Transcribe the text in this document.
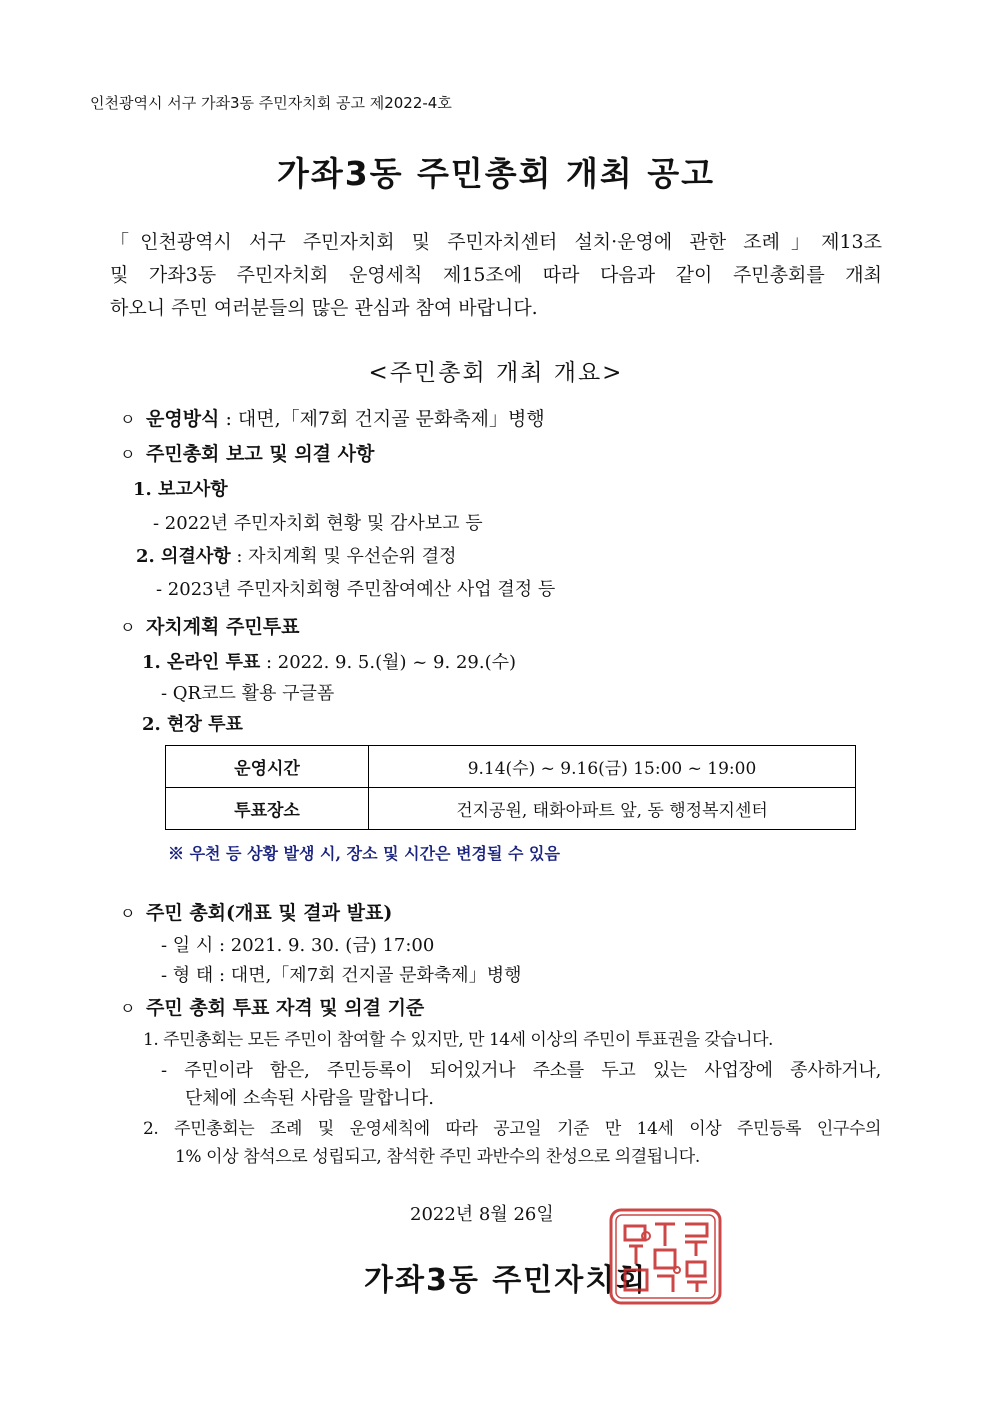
인천광역시 서구 가좌3동 주민자치회 공고 제2022-4호
가좌3동 주민총회 개최 공고
「인천광역시 서구 주민자치회 및 주민자치센터 설치·운영에 관한 조례」제13조
및 가좌3동 주민자치회 운영세칙 제15조에 따라 다음과 같이 주민총회를 개최
하오니 주민 여러분들의 많은 관심과 참여 바랍니다.
<주민총회 개최 개요>
ㅇ 운영방식 : 대면,「제7회 건지골 문화축제」병행
ㅇ 주민총회 보고 및 의결 사항
1. 보고사항
- 2022년 주민자치회 현황 및 감사보고 등
2. 의결사항 : 자치계획 및 우선순위 결정
- 2023년 주민자치회형 주민참여예산 사업 결정 등
ㅇ 자치계획 주민투표
1. 온라인 투표 : 2022. 9. 5.(월) ~ 9. 29.(수)
- QR코드 활용 구글폼
2. 현장 투표
운영시간	9.14(수) ~ 9.16(금) 15:00 ~ 19:00
투표장소	건지공원, 태화아파트 앞, 동 행정복지센터
※ 우천 등 상황 발생 시, 장소 및 시간은 변경될 수 있음
ㅇ 주민 총회(개표 및 결과 발표)
- 일 시 : 2021. 9. 30. (금) 17:00
- 형 태 : 대면,「제7회 건지골 문화축제」병행
ㅇ 주민 총회 투표 자격 및 의결 기준
1. 주민총회는 모든 주민이 참여할 수 있지만, 만 14세 이상의 주민이 투표권을 갖습니다.
- 주민이라 함은, 주민등록이 되어있거나 주소를 두고 있는 사업장에 종사하거나,
단체에 소속된 사람을 말합니다.
2. 주민총회는 조례 및 운영세칙에 따라 공고일 기준 만 14세 이상 주민등록 인구수의
1% 이상 참석으로 성립되고, 참석한 주민 과반수의 찬성으로 의결됩니다.
2022년 8월 26일
가좌3동 주민자치회
